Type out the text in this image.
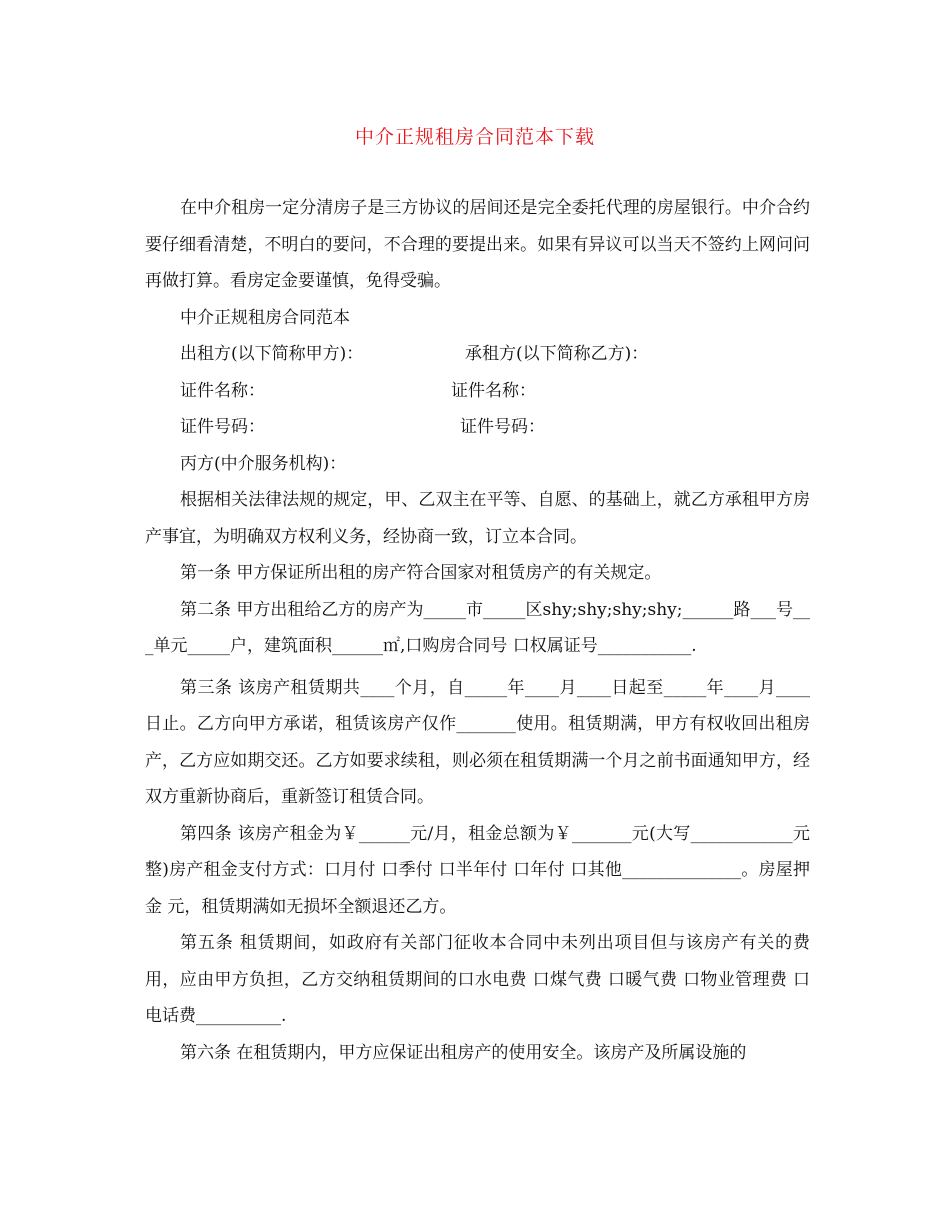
中介正规租房合同范本下载

在中介租房一定分清房子是三方协议的居间还是完全委托代理的房屋银行。中介合约要仔细看清楚，不明白的要问，不合理的要提出来。如果有异议可以当天不签约上网问问再做打算。看房定金要谨慎，免得受骗。

中介正规租房合同范本

出租方(以下简称甲方)：	承租方(以下简称乙方)：
证件名称：	证件名称：
证件号码：	证件号码：

丙方(中介服务机构)：

根据相关法律法规的规定，甲、乙双主在平等、自愿、的基础上，就乙方承租甲方房产事宜，为明确双方权利义务，经协商一致，订立本合同。

第一条 甲方保证所出租的房产符合国家对租赁房产的有关规定。

第二条 甲方出租给乙方的房产为_____市_____区shy;shy;shy;shy;______路___号___单元_____户，建筑面积______㎡,口购房合同号 口权属证号___________.

第三条 该房产租赁期共____个月，自_____年____月____日起至_____年____月____日止。乙方向甲方承诺，租赁该房产仅作_______使用。租赁期满，甲方有权收回出租房产，乙方应如期交还。乙方如要求续租，则必须在租赁期满一个月之前书面通知甲方，经双方重新协商后，重新签订租赁合同。

第四条 该房产租金为￥______元/月，租金总额为￥_______元(大写____________元整)房产租金支付方式：口月付 口季付 口半年付 口年付 口其他______________。房屋押金 元，租赁期满如无损坏全额退还乙方。

第五条 租赁期间，如政府有关部门征收本合同中未列出项目但与该房产有关的费用，应由甲方负担，乙方交纳租赁期间的口水电费 口煤气费 口暖气费 口物业管理费 口电话费__________.

第六条 在租赁期内，甲方应保证出租房产的使用安全。该房产及所属设施的
